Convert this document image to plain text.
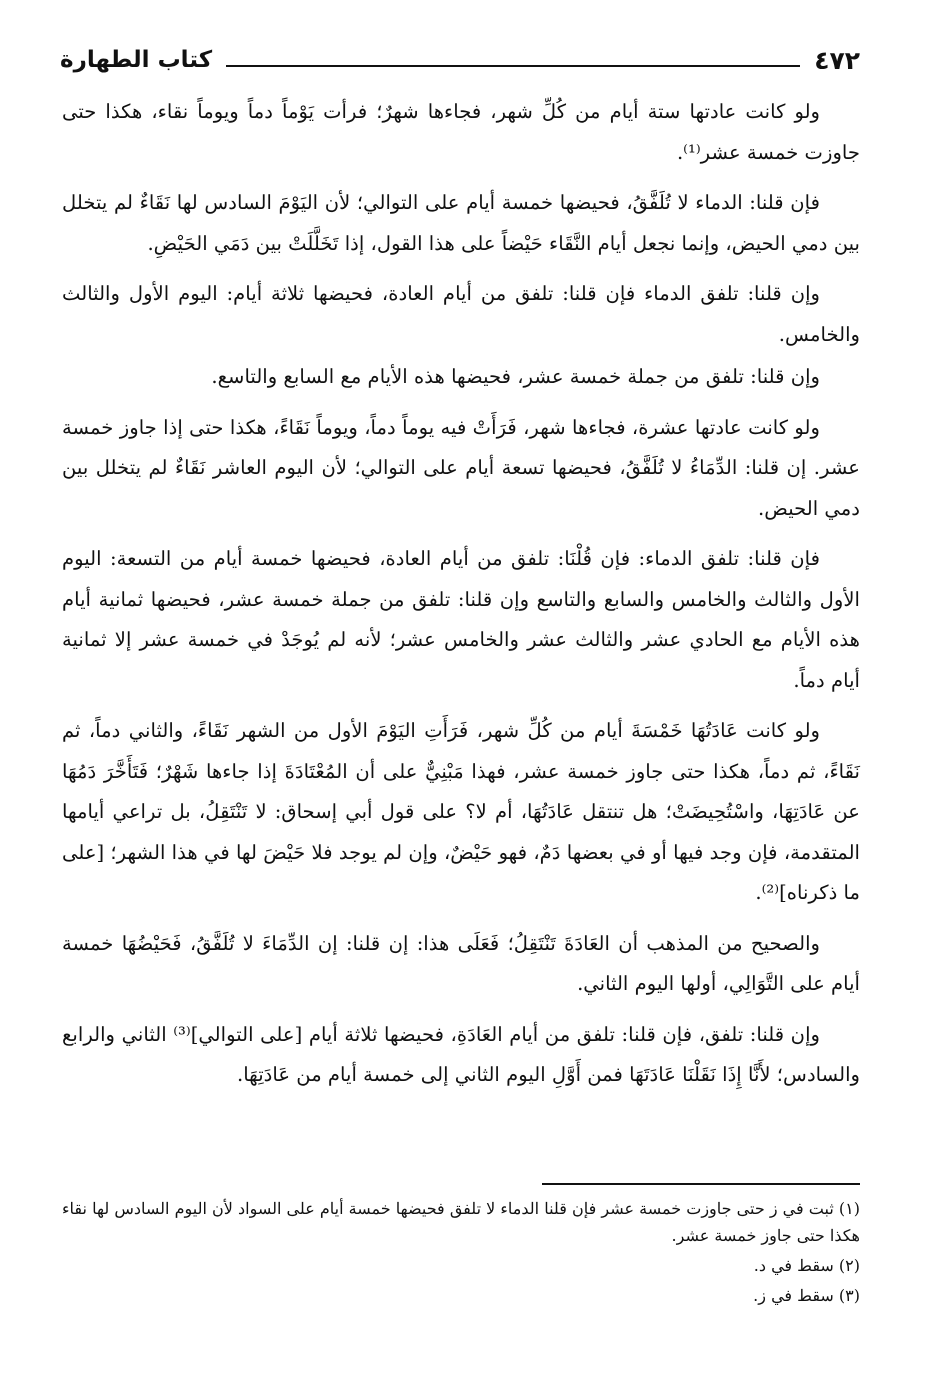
٤٧٢
كتاب الطهارة

ولو كانت عادتها ستة أيام من كُلِّ شهر، فجاءها شهرٌ؛ فرأت يَوْماً دماً ويوماً نقاء، هكذا حتى جاوزت خمسة عشر⁽¹⁾.

فإن قلنا: الدماء لا تُلَفَّقُ، فحيضها خمسة أيام على التوالي؛ لأن اليَوْمَ السادس لها نَقَاءٌ لم يتخلل بين دمي الحيض، وإنما نجعل أيام النَّقَاء حَيْضاً على هذا القول، إذا تَخَلَّلَتْ بين دَمَي الحَيْضِ.

وإن قلنا: تلفق الدماء فإن قلنا: تلفق من أيام العادة، فحيضها ثلاثة أيام: اليوم الأول والثالث والخامس.

وإن قلنا: تلفق من جملة خمسة عشر، فحيضها هذه الأيام مع السابع والتاسع.

ولو كانت عادتها عشرة، فجاءها شهر، فَرَأَتْ فيه يوماً دماً، ويوماً نَقَاءً، هكذا حتى إذا جاوز خمسة عشر. إن قلنا: الدِّمَاءُ لا تُلَفَّقُ، فحيضها تسعة أيام على التوالي؛ لأن اليوم العاشر نَقَاءٌ لم يتخلل بين دمي الحيض.

فإن قلنا: تلفق الدماء: فإن قُلْنَا: تلفق من أيام العادة، فحيضها خمسة أيام من التسعة: اليوم الأول والثالث والخامس والسابع والتاسع وإن قلنا: تلفق من جملة خمسة عشر، فحيضها ثمانية أيام هذه الأيام مع الحادي عشر والثالث عشر والخامس عشر؛ لأنه لم يُوجَدْ في خمسة عشر إلا ثمانية أيام دماً.

ولو كانت عَادَتُهَا خَمْسَةَ أيام من كُلِّ شهر، فَرَأَتِ اليَوْمَ الأول من الشهر نَقَاءً، والثاني دماً، ثم نَقَاءً، ثم دماً، هكذا حتى جاوز خمسة عشر، فهذا مَبْنِيٌّ على أن المُعْتَادَةَ إذا جاءها شَهْرٌ؛ فَتَأَخَّرَ دَمُهَا عن عَادَتِهَا، واسْتُحِيضَتْ؛ هل تنتقل عَادَتُهَا، أم لا؟ على قول أبي إسحاق: لا تَنْتَقِلُ، بل تراعي أيامها المتقدمة، فإن وجد فيها أو في بعضها دَمٌ، فهو حَيْضٌ، وإن لم يوجد فلا حَيْضَ لها في هذا الشهر؛ [على ما ذكرناه]⁽²⁾.

والصحيح من المذهب أن العَادَةَ تَنْتَقِلُ؛ فَعَلَى هذا: إن قلنا: إن الدِّمَاءَ لا تُلَفَّقُ، فَحَيْضُهَا خمسة أيام على التَّوَالِي، أولها اليوم الثاني.

وإن قلنا: تلفق، فإن قلنا: تلفق من أيام العَادَةِ، فحيضها ثلاثة أيام [على التوالي]⁽³⁾ الثاني والرابع والسادس؛ لأَنَّا إِذَا نَقَلْنَا عَادَتَهَا فمن أَوَّلِ اليوم الثاني إلى خمسة أيام من عَادَتِهَا.

(١) ثبت في ز حتى جاوزت خمسة عشر فإن قلنا الدماء لا تلفق فحيضها خمسة أيام على السواد لأن اليوم السادس لها نقاء هكذا حتى جاوز خمسة عشر.

(٢) سقط في د.

(٣) سقط في ز.
